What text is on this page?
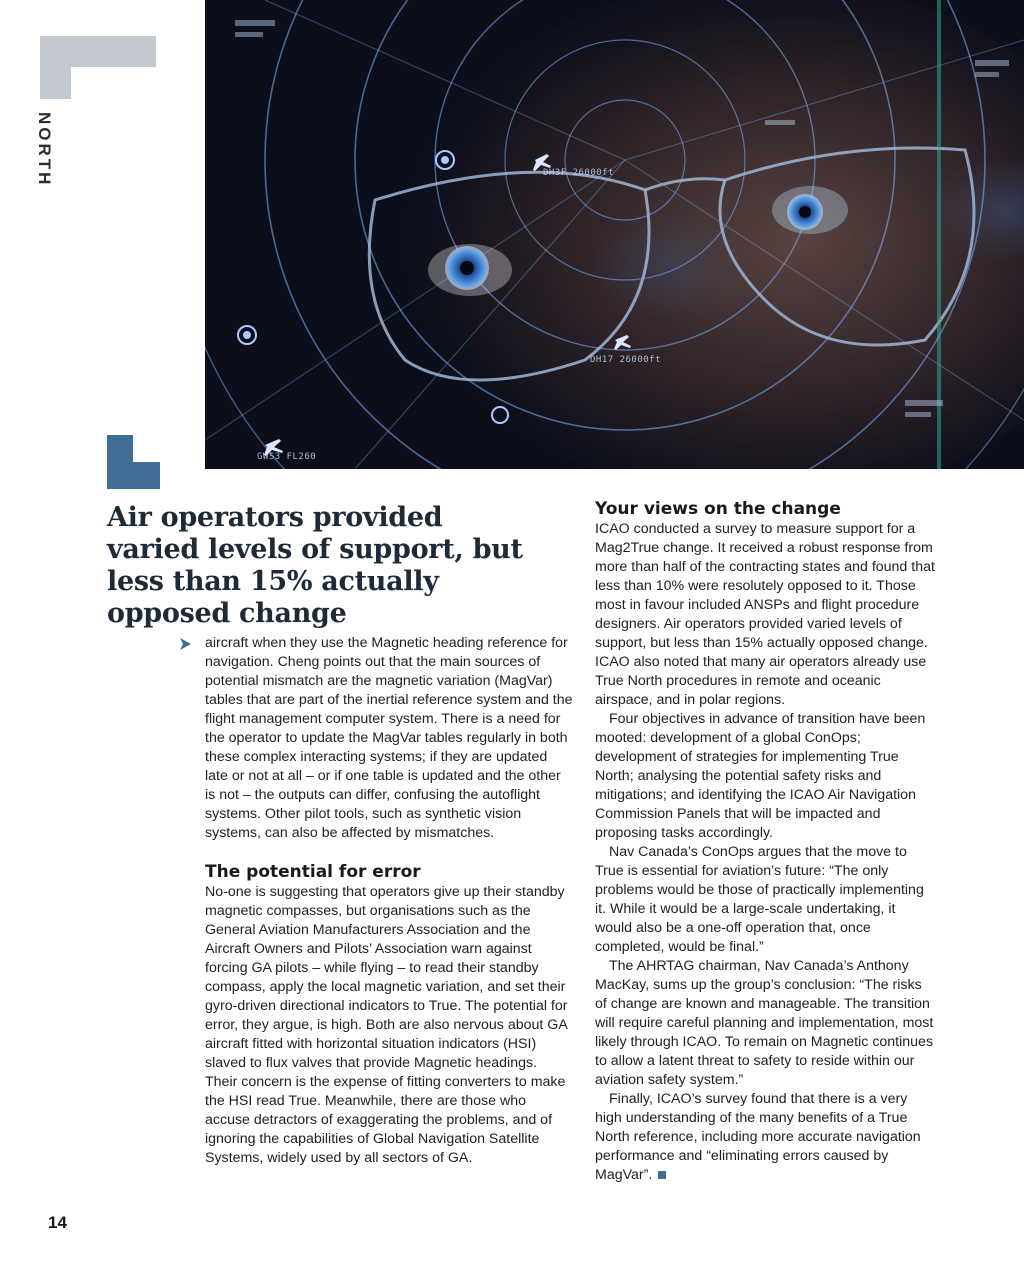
DH3F 26000ft
DH17 26000ft
GWS3 FL260
NORTH
Air operators provided varied levels of support, but less than 15% actually opposed change

aircraft when they use the Magnetic heading reference for navigation. Cheng points out that the main sources of potential mismatch are the magnetic variation (MagVar) tables that are part of the inertial reference system and the flight management computer system. There is a need for the operator to update the MagVar tables regularly in both these complex interacting systems; if they are updated late or not at all – or if one table is updated and the other is not – the outputs can differ, confusing the autoflight systems. Other pilot tools, such as synthetic vision systems, can also be affected by mismatches.

The potential for error

No-one is suggesting that operators give up their standby magnetic compasses, but organisations such as the General Aviation Manufacturers Association and the Aircraft Owners and Pilots’ Association warn against forcing GA pilots – while flying – to read their standby compass, apply the local magnetic variation, and set their gyro-driven directional indicators to True. The potential for error, they argue, is high. Both are also nervous about GA aircraft fitted with horizontal situation indicators (HSI) slaved to flux valves that provide Magnetic headings. Their concern is the expense of fitting converters to make the HSI read True. Meanwhile, there are those who accuse detractors of exaggerating the problems, and of ignoring the capabilities of Global Navigation Satellite Systems, widely used by all sectors of GA.

Your views on the change

ICAO conducted a survey to measure support for a Mag2True change. It received a robust response from more than half of the contracting states and found that less than 10% were resolutely opposed to it. Those most in favour included ANSPs and flight procedure designers. Air operators provided varied levels of support, but less than 15% actually opposed change. ICAO also noted that many air operators already use True North procedures in remote and oceanic airspace, and in polar regions.

Four objectives in advance of transition have been mooted: development of a global ConOps; development of strategies for implementing True North; analysing the potential safety risks and mitigations; and identifying the ICAO Air Navigation Commission Panels that will be impacted and proposing tasks accordingly.

Nav Canada’s ConOps argues that the move to True is essential for aviation’s future: “The only problems would be those of practically implementing it. While it would be a large-scale undertaking, it would also be a one-off operation that, once completed, would be final.”

The AHRTAG chairman, Nav Canada’s Anthony MacKay, sums up the group’s conclusion: “The risks of change are known and manageable. The transition will require careful planning and implementation, most likely through ICAO. To remain on Magnetic continues to allow a latent threat to safety to reside within our aviation safety system.”

Finally, ICAO’s survey found that there is a very high understanding of the many benefits of a True North reference, including more accurate navigation performance and “eliminating errors caused by MagVar”.

14
